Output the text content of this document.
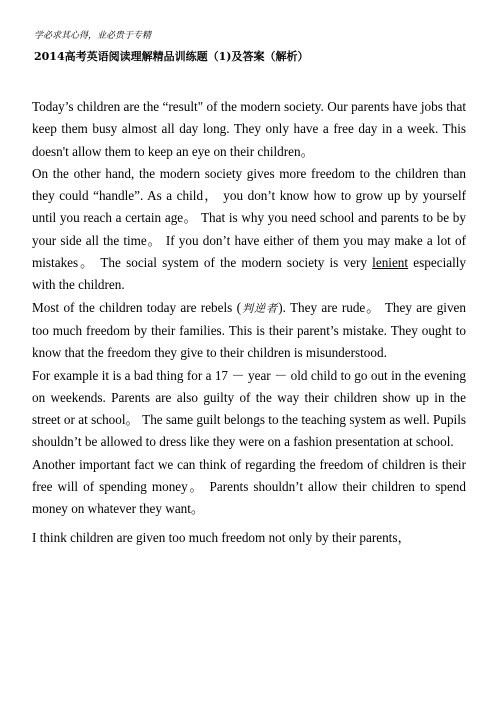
学必求其心得，业必贵于专精
2014高考英语阅读理解精品训练题（1)及答案（解析）

Today’s children are the “result" of the modern society. Our parents have jobs that keep them busy almost all day long. They only have a free day in a week. This doesn't allow them to keep an eye on their children。

On the other hand, the modern society gives more freedom to the children than they could “handle”. As a child， you don’t know how to grow up by yourself until you reach a certain age。 That is why you need school and parents to be by your side all the time。 If you don’t have either of them you may make a lot of mistakes。 The social system of the modern society is very lenient especially with the children.

Most of the children today are rebels (判逆者). They are rude。 They are given too much freedom by their families. This is their parent’s mistake. They ought to know that the freedom they give to their children is misunderstood.

For example it is a bad thing for a 17 － year － old child to go out in the evening on weekends. Parents are also guilty of the way their children show up in the street or at school。 The same guilt belongs to the teaching system as well. Pupils shouldn’t be allowed to dress like they were on a fashion presentation at school.

Another important fact we can think of regarding the freedom of children is their free will of spending money。 Parents shouldn’t allow their children to spend money on whatever they want。

I think children are given too much freedom not only by their parents，
